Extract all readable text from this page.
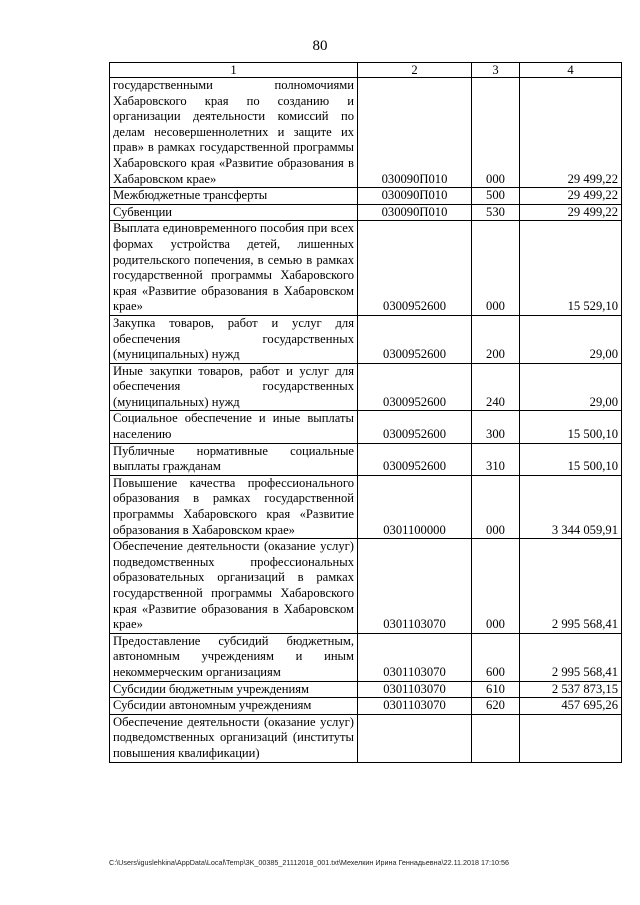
80
1	2	3	4
государственными полномочиями Хабаровского края по созданию и организации деятельности комиссий по делам несовершеннолетних и защите их прав» в рамках государственной программы Хабаровского края «Развитие образования в Хабаровском крае»	030090П010	000	29 499,22
Межбюджетные трансферты	030090П010	500	29 499,22
Субвенции	030090П010	530	29 499,22
Выплата единовременного пособия при всех формах устройства детей, лишенных родительского попечения, в семью в рамках государственной программы Хабаровского края «Развитие образования в Хабаровском крае»	0300952600	000	15 529,10
Закупка товаров, работ и услуг для обеспечения государственных (муниципальных) нужд	0300952600	200	29,00
Иные закупки товаров, работ и услуг для обеспечения государственных (муниципальных) нужд	0300952600	240	29,00
Социальное обеспечение и иные выплаты населению	0300952600	300	15 500,10
Публичные нормативные социальные выплаты гражданам	0300952600	310	15 500,10
Повышение качества профессионального образования в рамках государственной программы Хабаровского края «Развитие образования в Хабаровском крае»	0301100000	000	3 344 059,91
Обеспечение деятельности (оказание услуг) подведомственных профессиональных образовательных организаций в рамках государственной программы Хабаровского края «Развитие образования в Хабаровском крае»	0301103070	000	2 995 568,41
Предоставление субсидий бюджетным, автономным учреждениям и иным некоммерческим организациям	0301103070	600	2 995 568,41
Субсидии бюджетным учреждениям	0301103070	610	2 537 873,15
Субсидии автономным учреждениям	0301103070	620	457 695,26
Обеспечение деятельности (оказание услуг) подведомственных организаций (институты повышения квалификации)			
C:\Users\iguslehkina\AppData\Local\Temp\3K_00385_21112018_001.txt\Мехелкин Ирина Геннадьевна\22.11.2018 17:10:56
